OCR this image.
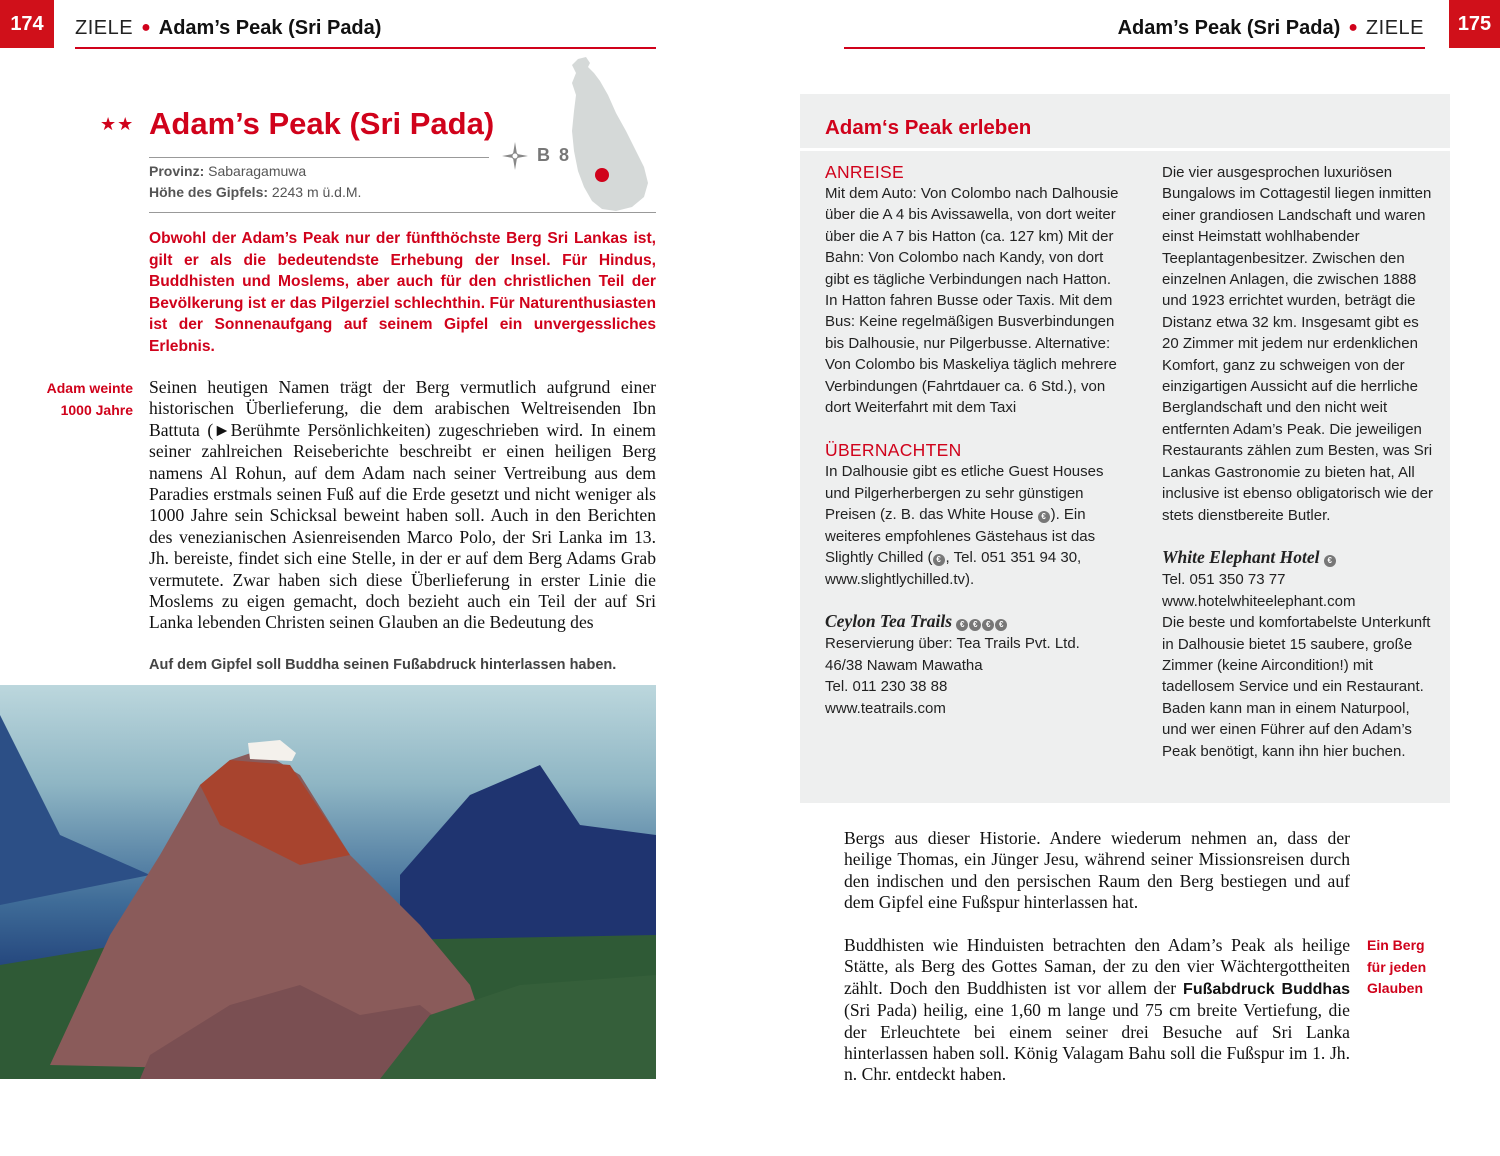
174	ZIELE ● Adam’s Peak (Sri Pada)
B 8
★★ Adam’s Peak (Sri Pada)
Provinz: Sabaragamuwa
Höhe des Gipfels: 2243 m ü.d.M.
Obwohl der Adam’s Peak nur der fünfthöchste Berg Sri Lankas ist, gilt er als die bedeutendste Erhebung der Insel. Für Hindus, Buddhisten und Moslems, aber auch für den christlichen Teil der Bevölkerung ist er das Pilgerziel schlechthin. Für Naturenthusiasten ist der Sonnenaufgang auf seinem Gipfel ein unvergessliches Erlebnis.
Adam weinte
1000 Jahre
Seinen heutigen Namen trägt der Berg vermutlich aufgrund einer historischen Überlieferung, die dem arabischen Weltreisenden Ibn Battuta (►Berühmte Persönlichkeiten) zugeschrieben wird. In einem seiner zahlreichen Reiseberichte beschreibt er einen heiligen Berg namens Al Rohun, auf dem Adam nach seiner Vertreibung aus dem Paradies erstmals seinen Fuß auf die Erde gesetzt und nicht weniger als 1000 Jahre sein Schicksal beweint haben soll. Auch in den Berichten des venezianischen Asienreisenden Marco Polo, der Sri Lanka im 13. Jh. bereiste, findet sich eine Stelle, in der er auf dem Berg Adams Grab vermutete. Zwar haben sich diese Überlieferung in erster Linie die Moslems zu eigen gemacht, doch bezieht auch ein Teil der auf Sri Lanka lebenden Christen seinen Glauben an die Bedeutung des
Auf dem Gipfel soll Buddha seinen Fußabdruck hinterlassen haben.
175
Adam’s Peak (Sri Pada) ● ZIELE
Adam‘s Peak erleben
ANREISE
Mit dem Auto: Von Colombo nach Dalhousie über die A 4 bis Avissawella, von dort weiter über die A 7 bis Hatton (ca. 127 km) Mit der Bahn: Von Colombo nach Kandy, von dort gibt es tägliche Verbindungen nach Hatton. In Hatton fahren Busse oder Taxis. Mit dem Bus: Keine regelmäßigen Busverbindungen bis Dalhousie, nur Pilgerbusse. Alternative: Von Colombo bis Maskeliya täglich mehrere Verbindungen (Fahrtdauer ca. 6 Std.), von dort Weiterfahrt mit dem Taxi
ÜBERNACHTEN
In Dalhousie gibt es etliche Guest Houses und Pilgerherbergen zu sehr günstigen Preisen (z. B. das White House € ). Ein weiteres empfohlenes Gästehaus ist das Slightly Chilled ( € , Tel. 051 351 94 30, www.slightlychilled.tv).
Ceylon Tea Trails € € € €
Reservierung über: Tea Trails Pvt. Ltd.
46/38 Nawam Mawatha
Tel. 011 230 38 88
www.teatrails.com
Die vier ausgesprochen luxuriösen Bungalows im Cottagestil liegen inmitten einer grandiosen Landschaft und waren einst Heimstatt wohlhabender Teeplantagenbesitzer. Zwischen den einzelnen Anlagen, die zwischen 1888 und 1923 errichtet wurden, beträgt die Distanz etwa 32 km. Insgesamt gibt es 20 Zimmer mit jedem nur erdenklichen Komfort, ganz zu schweigen von der einzigartigen Aussicht auf die herrliche Berglandschaft und den nicht weit entfernten Adam’s Peak. Die jeweiligen Restaurants zählen zum Besten, was Sri Lankas Gastronomie zu bieten hat, All inclusive ist ebenso obligatorisch wie der stets dienstbereite Butler.
White Elephant Hotel €
Tel. 051 350 73 77
www.hotelwhiteelephant.com
Die beste und komfortabelste Unterkunft in Dalhousie bietet 15 saubere, große Zimmer (keine Aircondition!) mit tadellosem Service und ein Restaurant. Baden kann man in einem Naturpool, und wer einen Führer auf den Adam’s Peak benötigt, kann ihn hier buchen.
Bergs aus dieser Historie. Andere wiederum nehmen an, dass der heilige Thomas, ein Jünger Jesu, während seiner Missionsreisen durch den indischen und den persischen Raum den Berg bestiegen und auf dem Gipfel eine Fußspur hinterlassen hat.
Buddhisten wie Hinduisten betrachten den Adam’s Peak als heilige Stätte, als Berg des Gottes Saman, der zu den vier Wächtergottheiten zählt. Doch den Buddhisten ist vor allem der Fußabdruck Buddhas (Sri Pada) heilig, eine 1,60 m lange und 75 cm breite Vertiefung, die der Erleuchtete bei einem seiner drei Besuche auf Sri Lanka hinterlassen haben soll. König Valagam Bahu soll die Fußspur im 1. Jh. n. Chr. entdeckt haben.
Ein Berg
für jeden
Glauben
